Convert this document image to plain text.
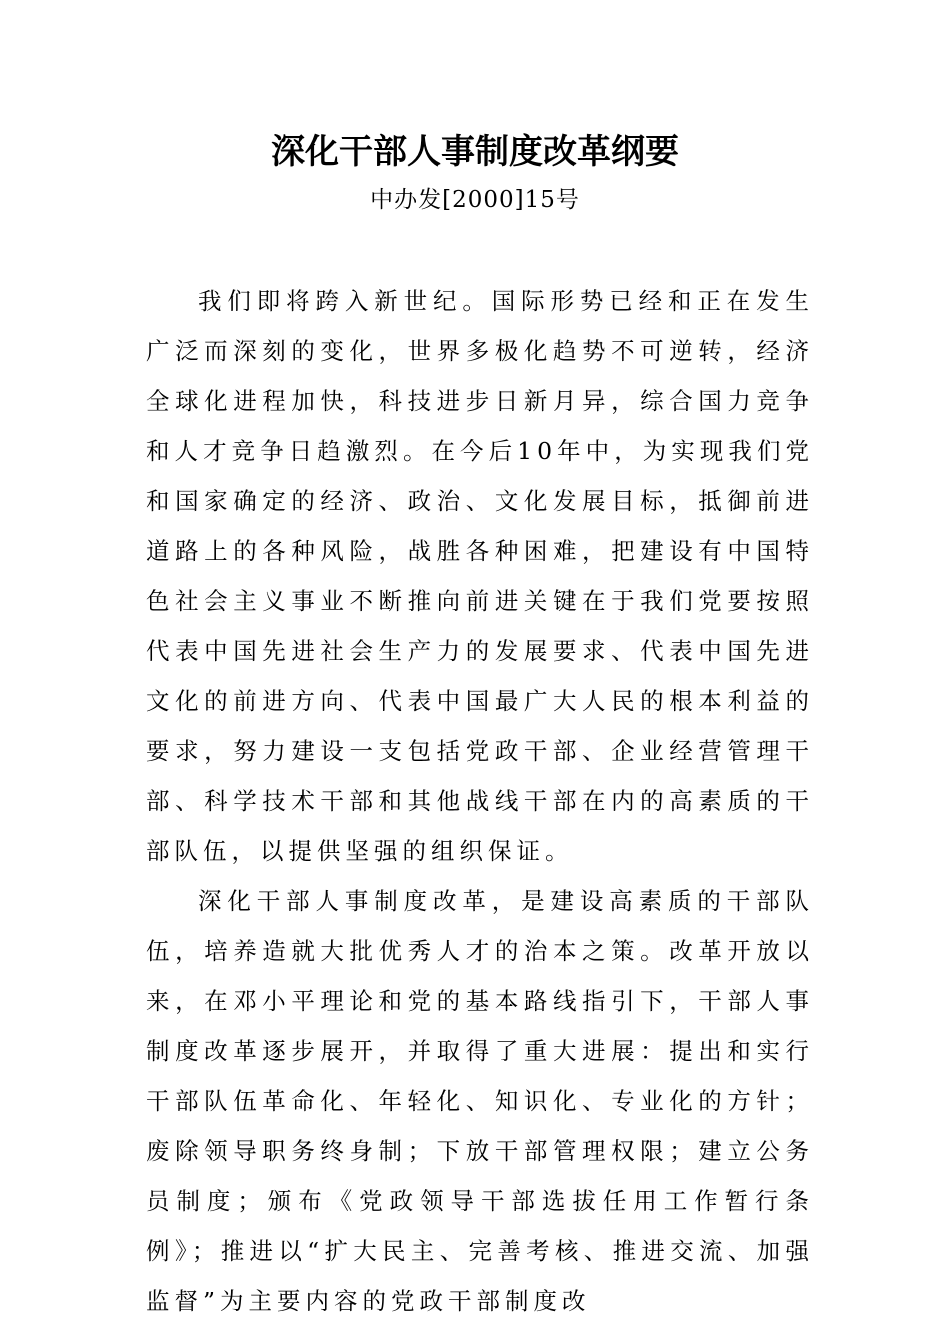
深化干部人事制度改革纲要
中办发[2000]15号

我们即将跨入新世纪。国际形势已经和正在发生广泛而深刻的变化，世界多极化趋势不可逆转，经济全球化进程加快，科技进步日新月异，综合国力竞争和人才竞争日趋激烈。在今后10年中，为实现我们党和国家确定的经济、政治、文化发展目标，抵御前进道路上的各种风险，战胜各种困难，把建设有中国特色社会主义事业不断推向前进关键在于我们党要按照代表中国先进社会生产力的发展要求、代表中国先进文化的前进方向、代表中国最广大人民的根本利益的要求，努力建设一支包括党政干部、企业经营管理干部、科学技术干部和其他战线干部在内的高素质的干部队伍，以提供坚强的组织保证。

深化干部人事制度改革，是建设高素质的干部队伍，培养造就大批优秀人才的治本之策。改革开放以来，在邓小平理论和党的基本路线指引下，干部人事制度改革逐步展开，并取得了重大进展：提出和实行干部队伍革命化、年轻化、知识化、专业化的方针；废除领导职务终身制；下放干部管理权限；建立公务员制度；颁布《党政领导干部选拔任用工作暂行条例》；推进以“扩大民主、完善考核、推进交流、加强监督”为主要内容的党政干部制度改
